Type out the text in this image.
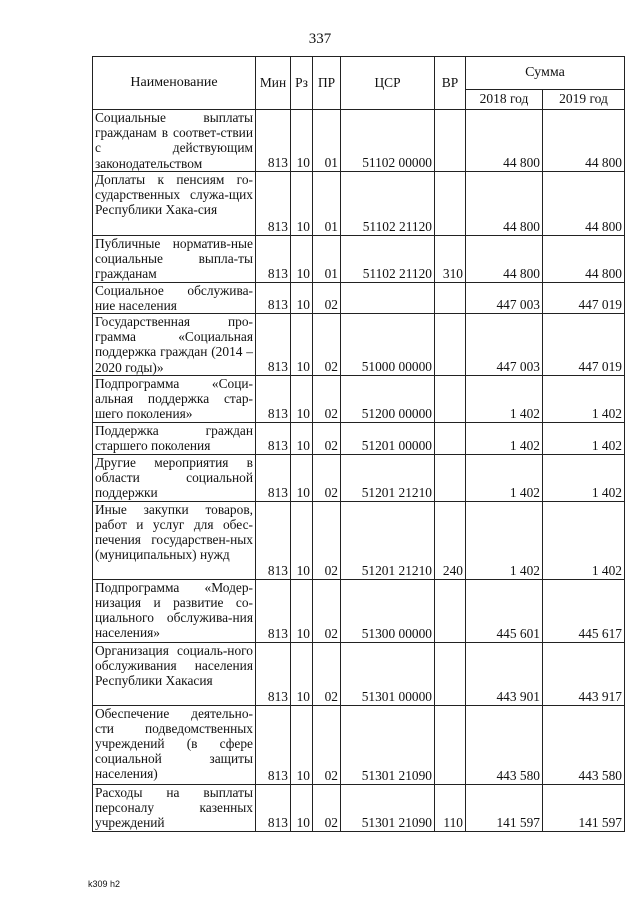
337
Наименование	Мин	Рз	ПР	ЦСР	ВР	Сумма	
						2018 год	2019 год
Социальные выплаты гражданам в соответ-ствии с действующим законодательством	813	10	01	51102 00000		44 800	44 800
Доплаты к пенсиям го-сударственных служа-щих Республики Хака-сия	813	10	01	51102 21120		44 800	44 800
Публичные норматив-ные социальные выпла-ты гражданам	813	10	01	51102 21120	310	44 800	44 800
Социальное обслужива-ние населения	813	10	02			447 003	447 019
Государственная про-грамма «Социальная поддержка граждан (2014 – 2020 годы)»	813	10	02	51000 00000		447 003	447 019
Подпрограмма «Соци-альная поддержка стар-шего поколения»	813	10	02	51200 00000		1 402	1 402
Поддержка граждан старшего поколения	813	10	02	51201 00000		1 402	1 402
Другие мероприятия в области социальной поддержки	813	10	02	51201 21210		1 402	1 402
Иные закупки товаров, работ и услуг для обес-печения государствен-ных (муниципальных) нужд	813	10	02	51201 21210	240	1 402	1 402
Подпрограмма «Модер-низация и развитие со-циального обслужива-ния населения»	813	10	02	51300 00000		445 601	445 617
Организация социаль-ного обслуживания населения Республики Хакасия	813	10	02	51301 00000		443 901	443 917
Обеспечение деятельно-сти подведомственных учреждений (в сфере социальной защиты населения)	813	10	02	51301 21090		443 580	443 580
Расходы на выплаты персоналу казенных учреждений	813	10	02	51301 21090	110	141 597	141 597
k309 h2
